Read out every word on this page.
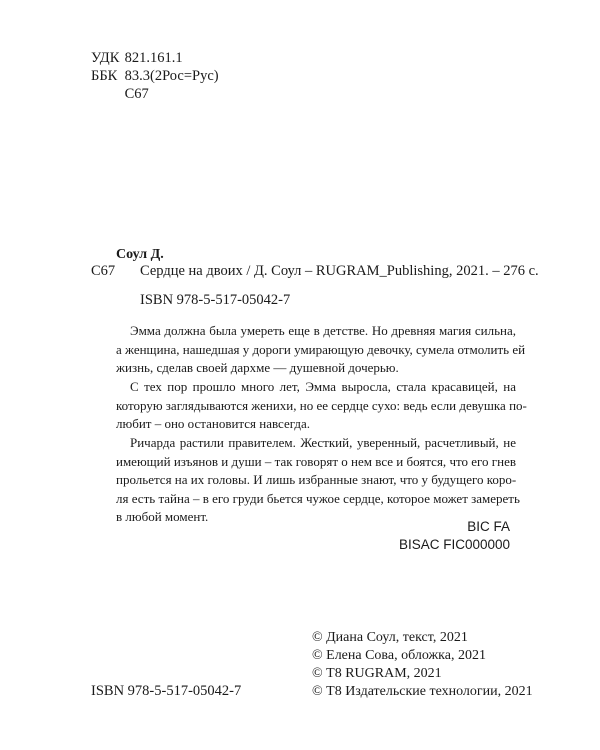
УДК 821.161.1
ББК 83.3(2Рос=Рус)
С67
Соул Д.
С67 Сердце на двоих / Д. Соул – RUGRAM_Publishing, 2021. – 276 с.
ISBN 978-5-517-05042-7
Эмма должна была умереть еще в детстве. Но древняя магия сильна,
а женщина, нашедшая у дороги умирающую девочку, сумела отмолить ей
жизнь, сделав своей дархме — душевной дочерью.
С тех пор прошло много лет, Эмма выросла, стала красавицей, на
которую заглядываются женихи, но ее сердце сухо: ведь если девушка по-
любит – оно остановится навсегда.
Ричарда растили правителем. Жесткий, уверенный, расчетливый, не
имеющий изъянов и души – так говорят о нем все и боятся, что его гнев
прольется на их головы. И лишь избранные знают, что у будущего коро-
ля есть тайна – в его груди бьется чужое сердце, которое может замереть
в любой момент.
BIC FA
BISAC FIC000000
© Диана Соул, текст, 2021
© Елена Сова, обложка, 2021
© Т8 RUGRAM, 2021
© Т8 Издательские технологии, 2021
ISBN 978-5-517-05042-7
